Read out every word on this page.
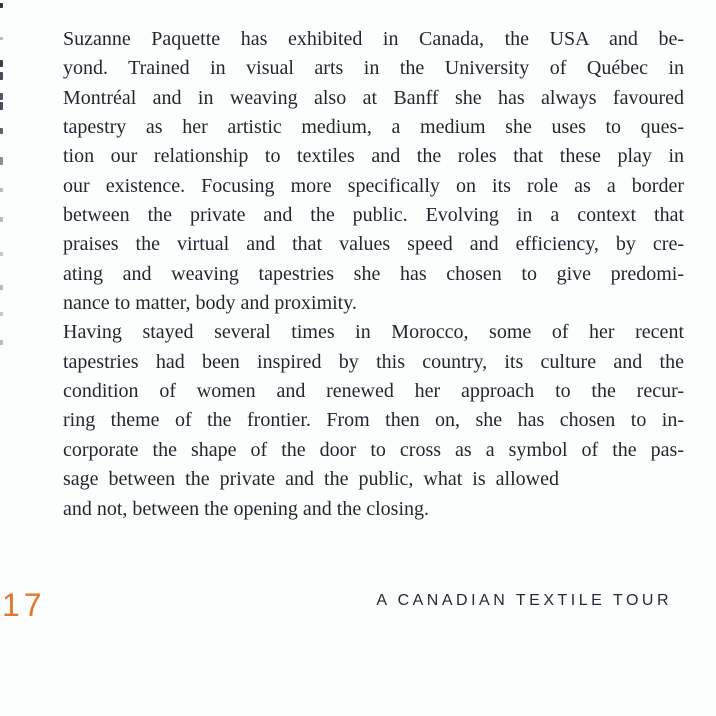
Suzanne Paquette has exhibited in Canada, the USA and be-
yond. Trained in visual arts in the University of Québec in
Montréal and in weaving also at Banff she has always favoured
tapestry as her artistic medium, a medium she uses to ques-
tion our relationship to textiles and the roles that these play in
our existence. Focusing more specifically on its role as a border
between the private and the public. Evolving in a context that
praises the virtual and that values speed and efficiency, by cre-
ating and weaving tapestries she has chosen to give predomi-
nance to matter, body and proximity.
Having stayed several times in Morocco, some of her recent
tapestries had been inspired by this country, its culture and the
condition of women and renewed her approach to the recur-
ring theme of the frontier. From then on, she has chosen to in-
corporate the shape of the door to cross as a symbol of the pas-
sage between the private and the public, what is allowed
and not, between the opening and the closing.
17	A CANADIAN TEXTILE TOUR
